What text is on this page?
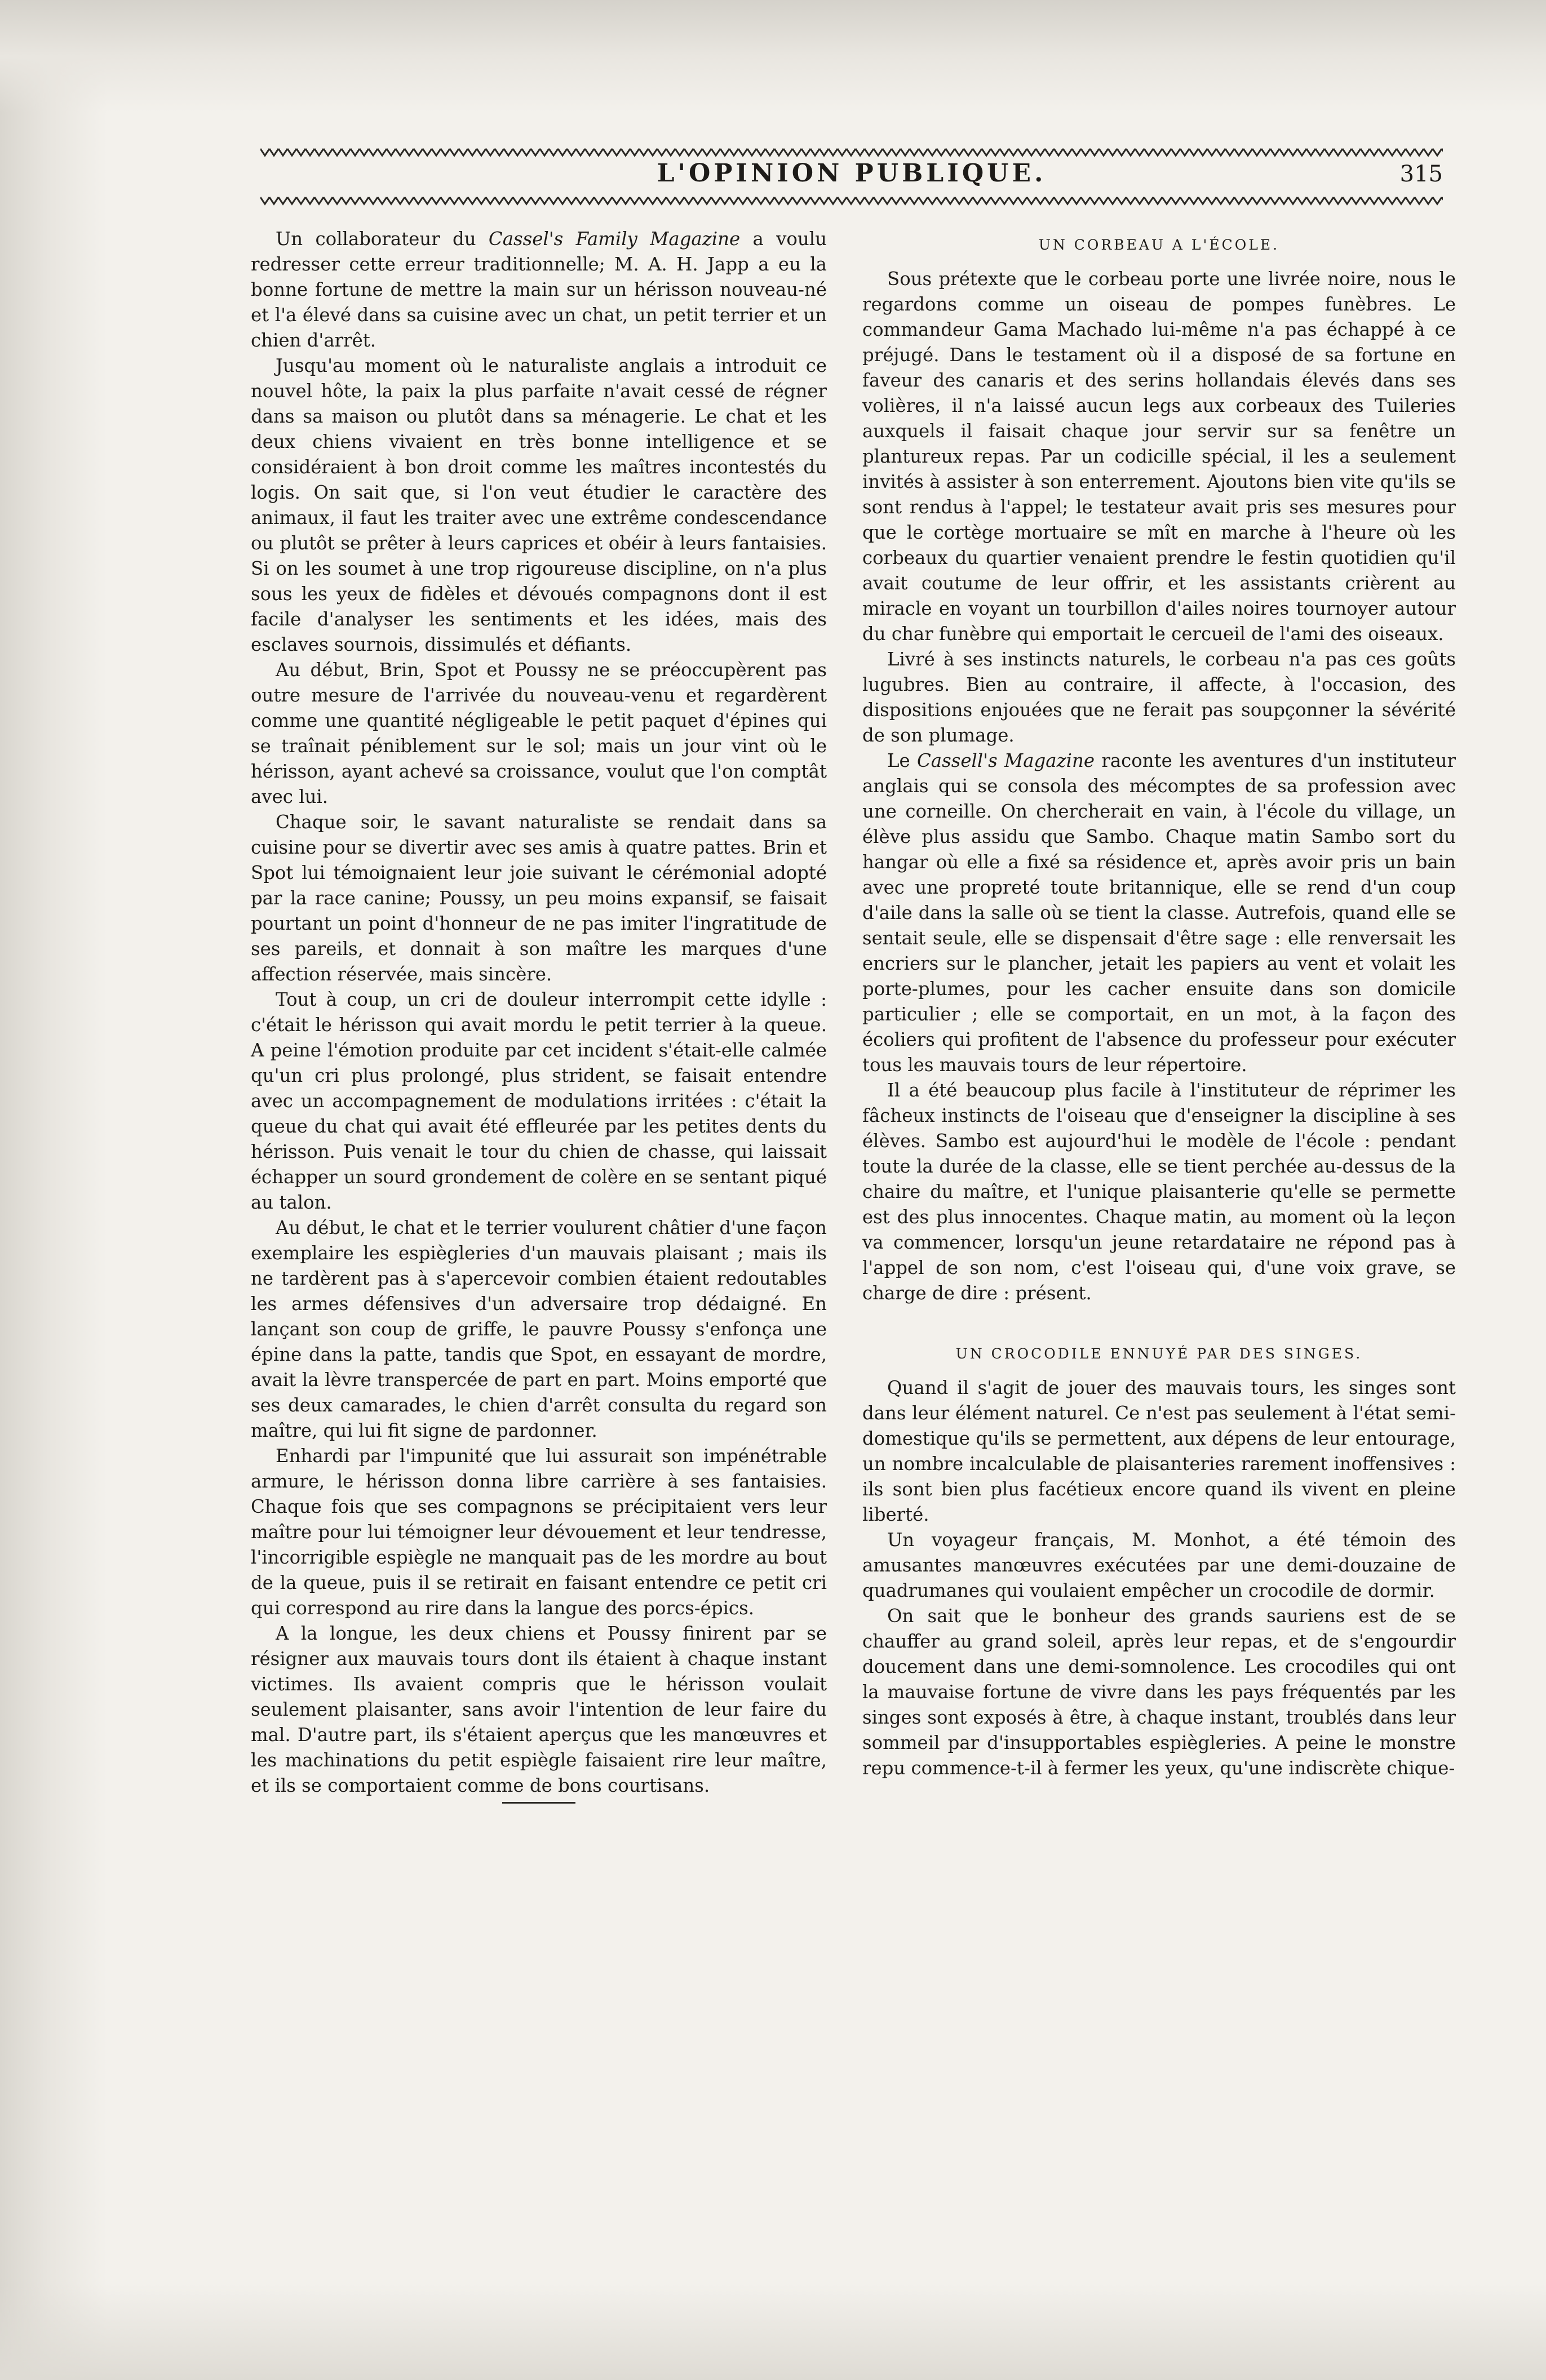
L'OPINION PUBLIQUE.	315

Un collaborateur du Cassel's Family Magazine a voulu redresser cette erreur traditionnelle; M. A. H. Japp a eu la bonne fortune de mettre la main sur un hérisson nouveau-né et l'a élevé dans sa cuisine avec un chat, un petit terrier et un chien d'arrêt.

Jusqu'au moment où le naturaliste anglais a introduit ce nouvel hôte, la paix la plus parfaite n'avait cessé de régner dans sa maison ou plutôt dans sa ménagerie. Le chat et les deux chiens vivaient en très bonne intelligence et se considéraient à bon droit comme les maîtres incontestés du logis. On sait que, si l'on veut étudier le caractère des animaux, il faut les traiter avec une extrême condescendance ou plutôt se prêter à leurs caprices et obéir à leurs fantaisies. Si on les soumet à une trop rigoureuse discipline, on n'a plus sous les yeux de fidèles et dévoués compagnons dont il est facile d'analyser les sentiments et les idées, mais des esclaves sournois, dissimulés et défiants.

Au début, Brin, Spot et Poussy ne se préoccupèrent pas outre mesure de l'arrivée du nouveau-venu et regardèrent comme une quantité négligeable le petit paquet d'épines qui se traînait péniblement sur le sol; mais un jour vint où le hérisson, ayant achevé sa croissance, voulut que l'on comptât avec lui.

Chaque soir, le savant naturaliste se rendait dans sa cuisine pour se divertir avec ses amis à quatre pattes. Brin et Spot lui témoignaient leur joie suivant le cérémonial adopté par la race canine; Poussy, un peu moins expansif, se faisait pourtant un point d'honneur de ne pas imiter l'ingratitude de ses pareils, et donnait à son maître les marques d'une affection réservée, mais sincère.

Tout à coup, un cri de douleur interrompit cette idylle : c'était le hérisson qui avait mordu le petit terrier à la queue. A peine l'émotion produite par cet incident s'était-elle calmée qu'un cri plus prolongé, plus strident, se faisait entendre avec un accompagnement de modulations irritées : c'était la queue du chat qui avait été effleurée par les petites dents du hérisson. Puis venait le tour du chien de chasse, qui laissait échapper un sourd grondement de colère en se sentant piqué au talon.

Au début, le chat et le terrier voulurent châtier d'une façon exemplaire les espiègleries d'un mauvais plaisant ; mais ils ne tardèrent pas à s'apercevoir combien étaient redoutables les armes défensives d'un adversaire trop dédaigné. En lançant son coup de griffe, le pauvre Poussy s'enfonça une épine dans la patte, tandis que Spot, en essayant de mordre, avait la lèvre transpercée de part en part. Moins emporté que ses deux camarades, le chien d'arrêt consulta du regard son maître, qui lui fit signe de pardonner.

Enhardi par l'impunité que lui assurait son impénétrable armure, le hérisson donna libre carrière à ses fantaisies. Chaque fois que ses compagnons se précipitaient vers leur maître pour lui témoigner leur dévouement et leur tendresse, l'incorrigible espiègle ne manquait pas de les mordre au bout de la queue, puis il se retirait en faisant entendre ce petit cri qui correspond au rire dans la langue des porcs-épics.

A la longue, les deux chiens et Poussy finirent par se résigner aux mauvais tours dont ils étaient à chaque instant victimes. Ils avaient compris que le hérisson voulait seulement plaisanter, sans avoir l'intention de leur faire du mal. D'autre part, ils s'étaient aperçus que les manœuvres et les machinations du petit espiègle faisaient rire leur maître, et ils se comportaient comme de bons courtisans.

UN CORBEAU A L'ÉCOLE.

Sous prétexte que le corbeau porte une livrée noire, nous le regardons comme un oiseau de pompes funèbres. Le commandeur Gama Machado lui-même n'a pas échappé à ce préjugé. Dans le testament où il a disposé de sa fortune en faveur des canaris et des serins hollandais élevés dans ses volières, il n'a laissé aucun legs aux corbeaux des Tuileries auxquels il faisait chaque jour servir sur sa fenêtre un plantureux repas. Par un codicille spécial, il les a seulement invités à assister à son enterrement. Ajoutons bien vite qu'ils se sont rendus à l'appel; le testateur avait pris ses mesures pour que le cortège mortuaire se mît en marche à l'heure où les corbeaux du quartier venaient prendre le festin quotidien qu'il avait coutume de leur offrir, et les assistants crièrent au miracle en voyant un tourbillon d'ailes noires tournoyer autour du char funèbre qui emportait le cercueil de l'ami des oiseaux.

Livré à ses instincts naturels, le corbeau n'a pas ces goûts lugubres. Bien au contraire, il affecte, à l'occasion, des dispositions enjouées que ne ferait pas soupçonner la sévérité de son plumage.

Le Cassell's Magazine raconte les aventures d'un instituteur anglais qui se consola des mécomptes de sa profession avec une corneille. On chercherait en vain, à l'école du village, un élève plus assidu que Sambo. Chaque matin Sambo sort du hangar où elle a fixé sa résidence et, après avoir pris un bain avec une propreté toute britannique, elle se rend d'un coup d'aile dans la salle où se tient la classe. Autrefois, quand elle se sentait seule, elle se dispensait d'être sage : elle renversait les encriers sur le plancher, jetait les papiers au vent et volait les porte-plumes, pour les cacher ensuite dans son domicile particulier ; elle se comportait, en un mot, à la façon des écoliers qui profitent de l'absence du professeur pour exécuter tous les mauvais tours de leur répertoire.

Il a été beaucoup plus facile à l'instituteur de réprimer les fâcheux instincts de l'oiseau que d'enseigner la discipline à ses élèves. Sambo est aujourd'hui le modèle de l'école : pendant toute la durée de la classe, elle se tient perchée au-dessus de la chaire du maître, et l'unique plaisanterie qu'elle se permette est des plus innocentes. Chaque matin, au moment où la leçon va commencer, lorsqu'un jeune retardataire ne répond pas à l'appel de son nom, c'est l'oiseau qui, d'une voix grave, se charge de dire : présent.

UN CROCODILE ENNUYÉ PAR DES SINGES.

Quand il s'agit de jouer des mauvais tours, les singes sont dans leur élément naturel. Ce n'est pas seulement à l'état semi-domestique qu'ils se permettent, aux dépens de leur entourage, un nombre incalculable de plaisanteries rarement inoffensives : ils sont bien plus facétieux encore quand ils vivent en pleine liberté.

Un voyageur français, M. Monhot, a été témoin des amusantes manœuvres exécutées par une demi-douzaine de quadrumanes qui voulaient empêcher un crocodile de dormir.

On sait que le bonheur des grands sauriens est de se chauffer au grand soleil, après leur repas, et de s'engourdir doucement dans une demi-somnolence. Les crocodiles qui ont la mauvaise fortune de vivre dans les pays fréquentés par les singes sont exposés à être, à chaque instant, troublés dans leur sommeil par d'insupportables espiègleries. A peine le monstre repu commence-t-il à fermer les yeux, qu'une indiscrète chique-
